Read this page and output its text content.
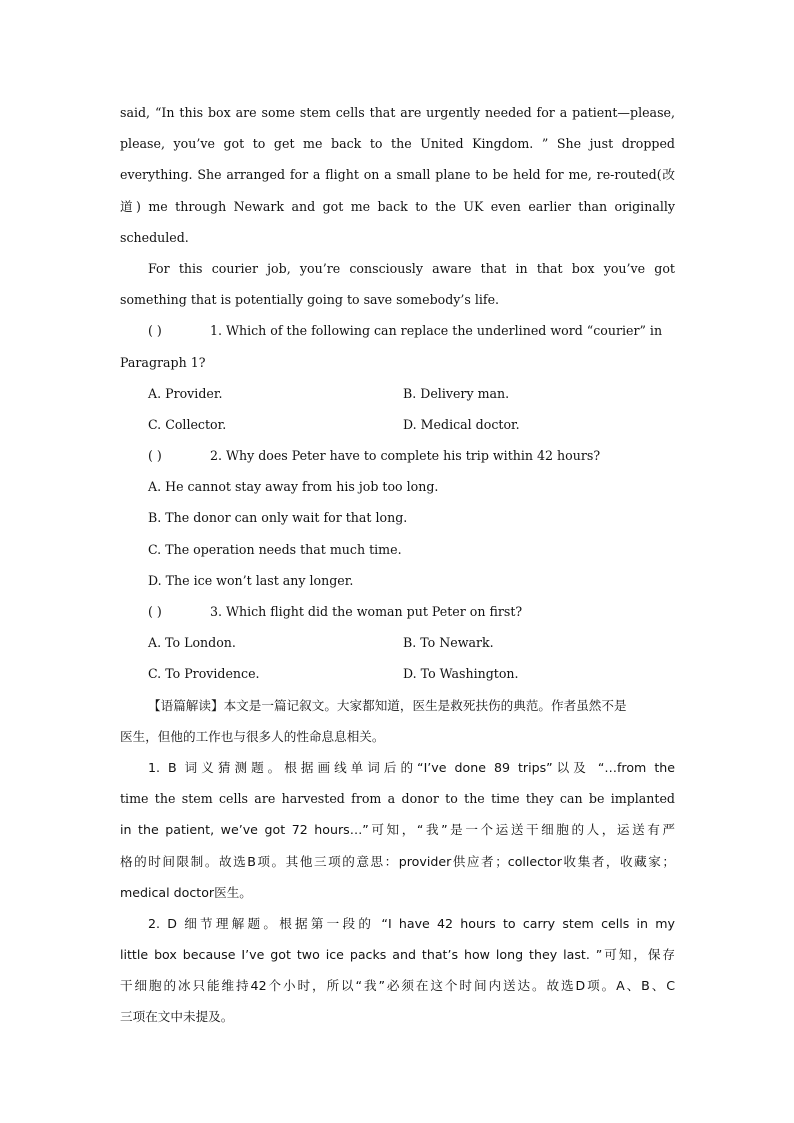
said, “In this box are some stem cells that are urgently needed for a patient—please,
please, you’ve got to get me back to the United Kingdom. ” She just dropped
everything. She arranged for a flight on a small plane to be held for me, re-routed(改
道) me through Newark and got me back to the UK even earlier than originally
scheduled.
For this courier job, you’re consciously aware that in that box you’ve got
something that is potentially going to save somebody’s life.
( )	1. Which of the following can replace the underlined word “courier” in
Paragraph 1?
A. Provider.	B. Delivery man.
C. Collector.	D. Medical doctor.
( )	2. Why does Peter have to complete his trip within 42 hours?
A. He cannot stay away from his job too long.
B. The donor can only wait for that long.
C. The operation needs that much time.
D. The ice won’t last any longer.
( )	3. Which flight did the woman put Peter on first?
A. To London.	B. To Newark.
C. To Providence.	D. To Washington.
【语篇解读】本文是一篇记叙文。大家都知道，医生是救死扶伤的典范。作者虽然不是
医生，但他的工作也与很多人的性命息息相关。
1. B 词义猜测题。根据画线单词后的“I’ve done 89 trips”以及 “…from the
time the stem cells are harvested from a donor to the time they can be implanted
in the patient, we’ve got 72 hours…”可知，“我”是一个运送干细胞的人，运送有严
格的时间限制。故选B项。其他三项的意思：provider供应者；collector收集者，收藏家；
medical doctor医生。
2. D 细节理解题。根据第一段的 “I have 42 hours to carry stem cells in my
little box because I’ve got two ice packs and that’s how long they last. ”可知，保存
干细胞的冰只能维持42个小时，所以“我”必须在这个时间内送达。故选D项。A、B、C
三项在文中未提及。
